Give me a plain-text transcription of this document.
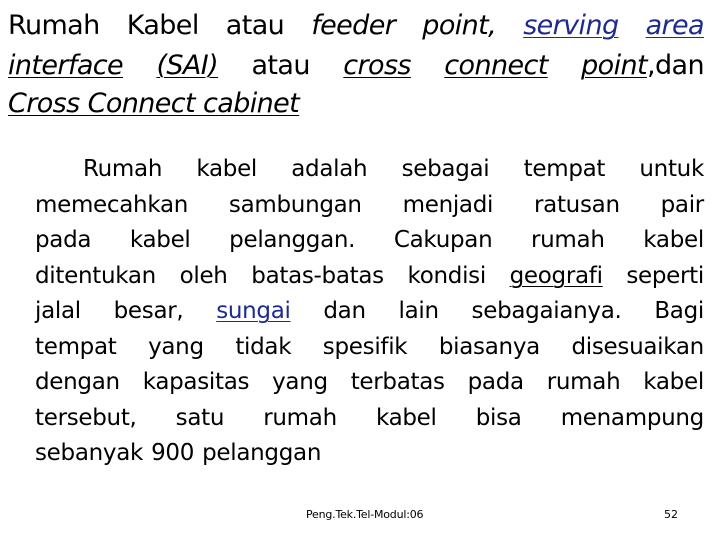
Rumah Kabel atau feeder point, serving area
interface (SAI) atau cross connect point,dan
Cross Connect cabinet
Rumah kabel adalah sebagai tempat untuk
memecahkan sambungan menjadi ratusan pair
pada kabel pelanggan. Cakupan rumah kabel
ditentukan oleh batas-batas kondisi geografi seperti
jalal besar, sungai dan lain sebagaianya. Bagi
tempat yang tidak spesifik biasanya disesuaikan
dengan kapasitas yang terbatas pada rumah kabel
tersebut, satu rumah kabel bisa menampung
sebanyak 900 pelanggan
Peng.Tek.Tel-Modul:06	52
